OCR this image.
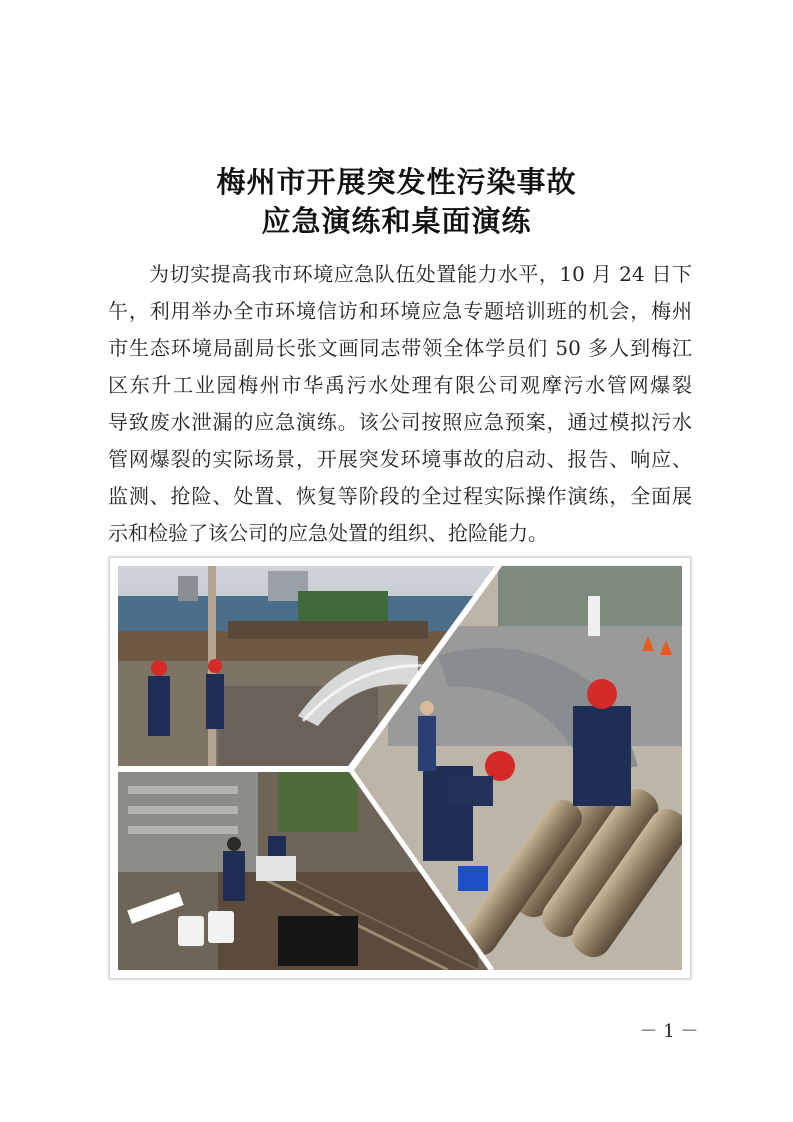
梅州市开展突发性污染事故
应急演练和桌面演练
　　为切实提高我市环境应急队伍处置能力水平，10 月 24 日下
午，利用举办全市环境信访和环境应急专题培训班的机会，梅州
市生态环境局副局长张文画同志带领全体学员们 50 多人到梅江
区东升工业园梅州市华禹污水处理有限公司观摩污水管网爆裂
导致废水泄漏的应急演练。该公司按照应急预案，通过模拟污水
管网爆裂的实际场景，开展突发环境事故的启动、报告、响应、
监测、抢险、处置、恢复等阶段的全过程实际操作演练，全面展
示和检验了该公司的应急处置的组织、抢险能力。
－ 1 －
